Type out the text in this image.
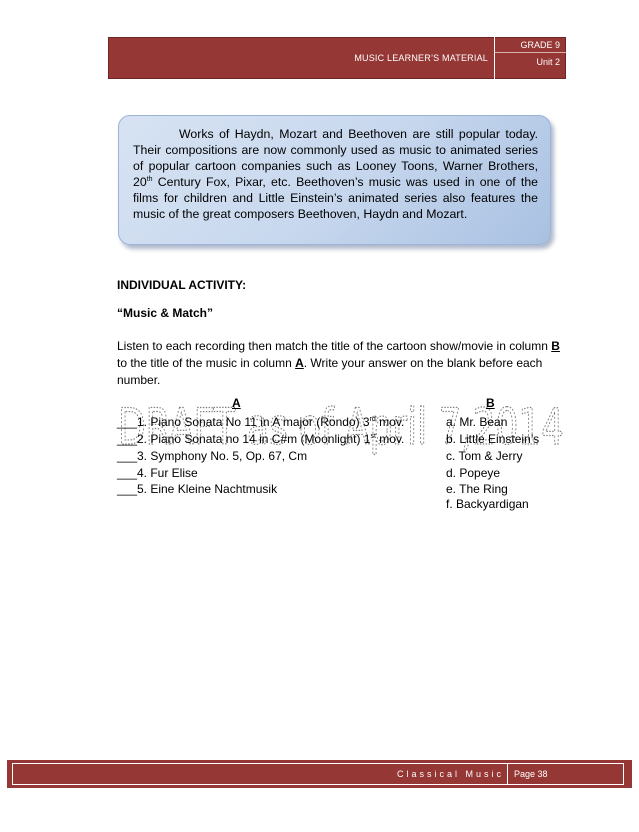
MUSIC LEARNER’S MATERIAL
GRADE 9
Unit 2

Works of Haydn, Mozart and Beethoven are still popular today. Their compositions are now commonly used as music to animated series of popular cartoon companies such as Looney Toons, Warner Brothers, 20th Century Fox, Pixar, etc. Beethoven’s music was used in one of the films for children and Little Einstein’s animated series also features the music of the great composers Beethoven, Haydn and Mozart.

INDIVIDUAL ACTIVITY:
“Music & Match”

Listen to each recording then match the title of the cartoon show/movie in column B to the title of the music in column A. Write your answer on the blank before each number.

DRAFT as of April 7,2014
A	B
___ 1. Piano Sonata No 11 in A major (Rondo) 3rd mov.	a. Mr. Bean
___ 2. Piano Sonata no 14 in C#m (Moonlight) 1st mov.	b. Little Einstein’s
___ 3. Symphony No. 5, Op. 67, Cm	c. Tom & Jerry
___ 4. Fur Elise	d. Popeye
___ 5. Eine Kleine Nachtmusik	e. The Ring
f. Backyardigan
Classical Music	Page 38
